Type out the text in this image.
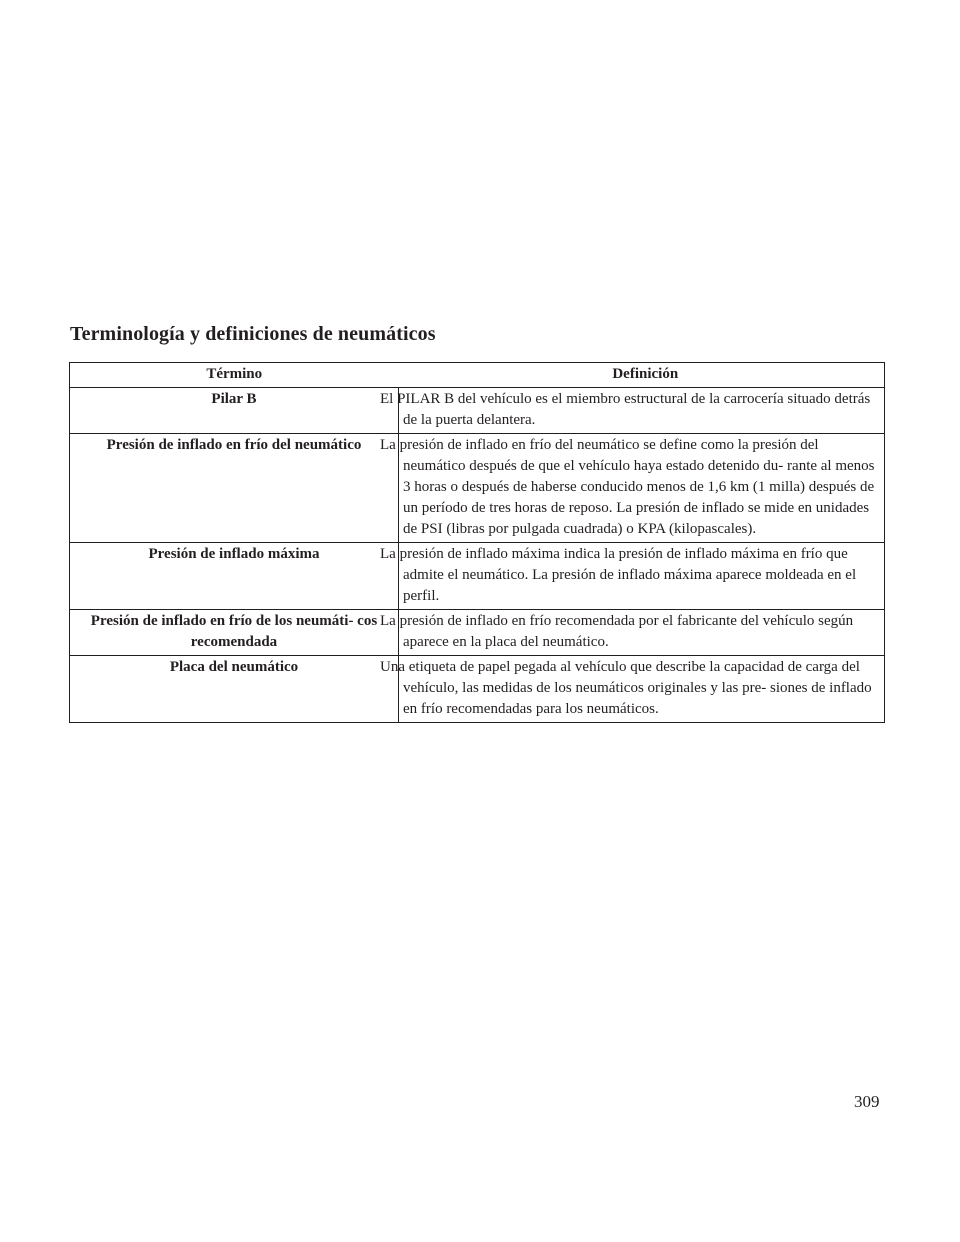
Terminología y definiciones de neumáticos
Término	Definición
Pilar B	El PILAR B del vehículo es el miembro estructural de la carrocería situado detrás de la puerta delantera.
Presión de inflado en frío del neumático	La presión de inflado en frío del neumático se define como la presión del neumático después de que el vehículo haya estado detenido du- rante al menos 3 horas o después de haberse conducido menos de 1,6 km (1 milla) después de un período de tres horas de reposo. La presión de inflado se mide en unidades de PSI (libras por pulgada cuadrada) o KPA (kilopascales).
Presión de inflado máxima	La presión de inflado máxima indica la presión de inflado máxima en frío que admite el neumático. La presión de inflado máxima aparece moldeada en el perfil.
Presión de inflado en frío de los neumáti- cos recomendada	La presión de inflado en frío recomendada por el fabricante del vehículo según aparece en la placa del neumático.
Placa del neumático	Una etiqueta de papel pegada al vehículo que describe la capacidad de carga del vehículo, las medidas de los neumáticos originales y las pre- siones de inflado en frío recomendadas para los neumáticos.
309
